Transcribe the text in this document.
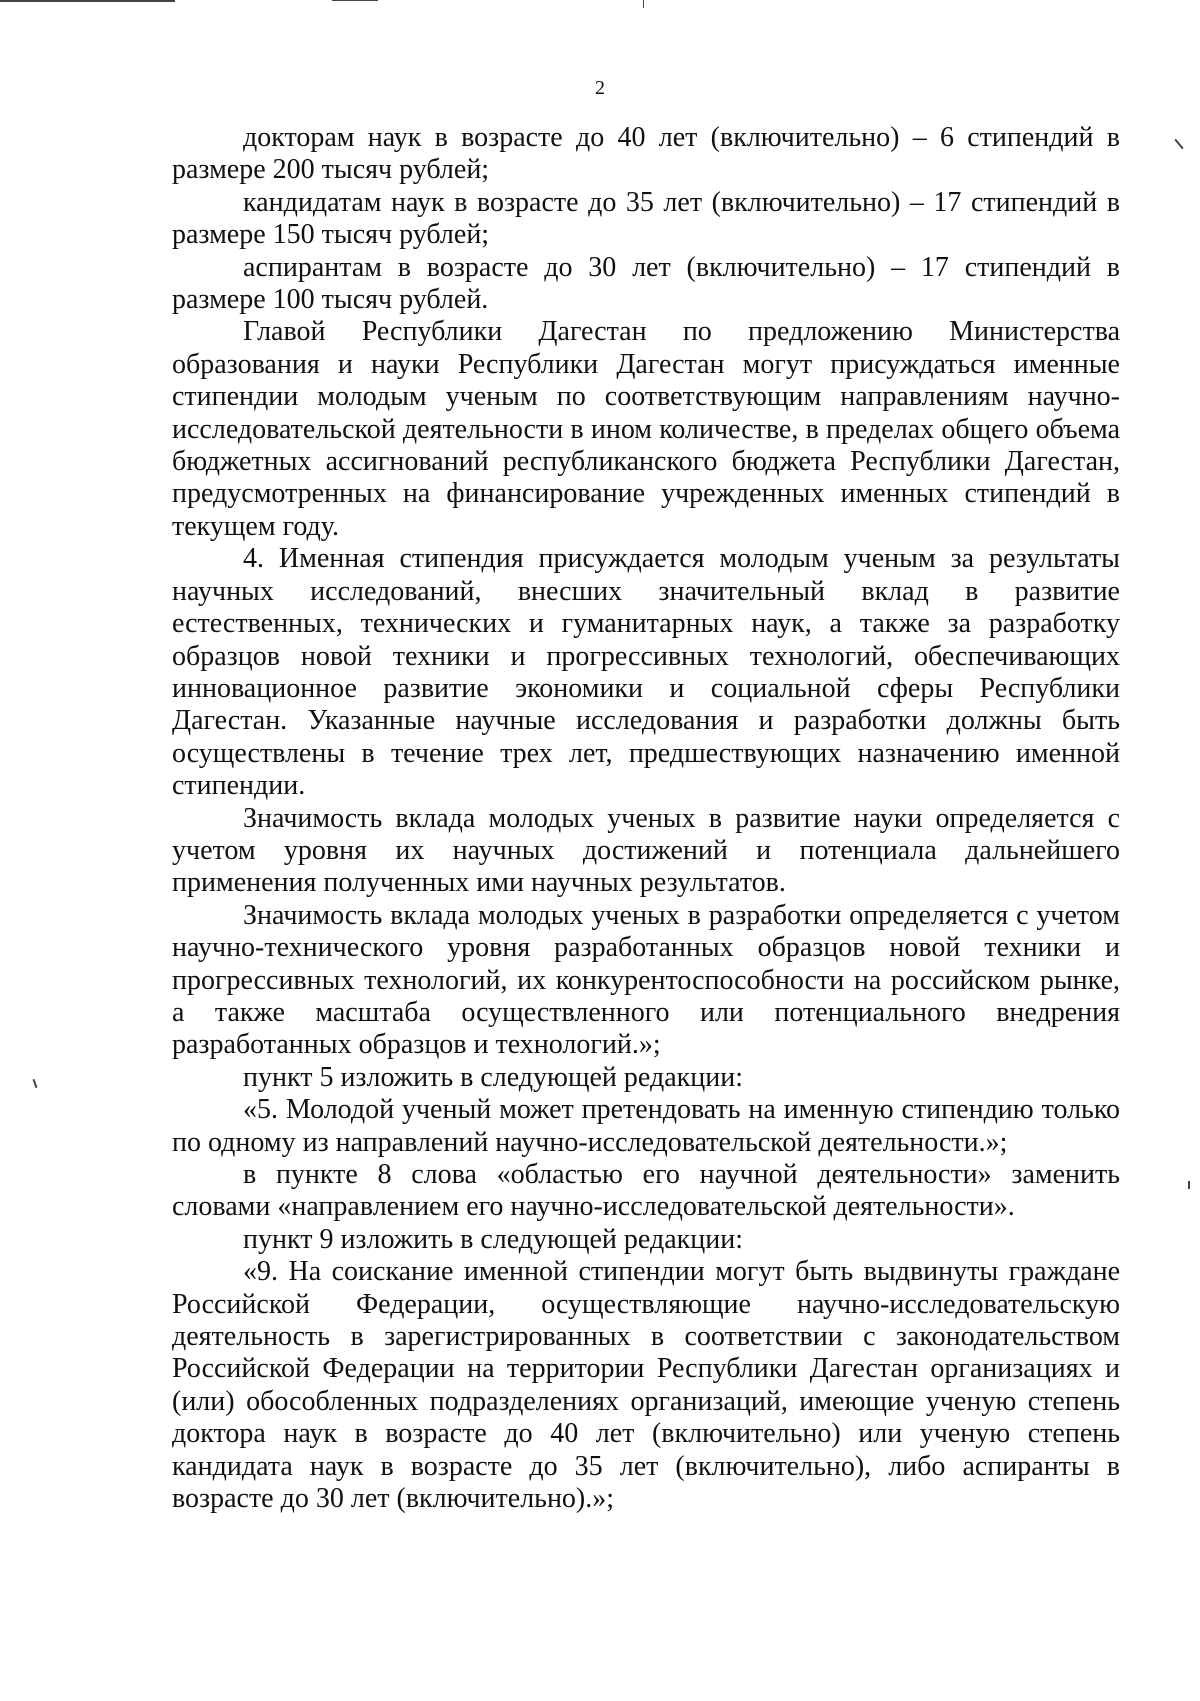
2

докторам наук в возрасте до 40 лет (включительно) – 6 стипендий в размере 200 тысяч рублей;

кандидатам наук в возрасте до 35 лет (включительно) – 17 стипендий в размере 150 тысяч рублей;

аспирантам в возрасте до 30 лет (включительно) – 17 стипендий в размере 100 тысяч рублей.

Главой Республики Дагестан по предложению Министерства образования и науки Республики Дагестан могут присуждаться именные стипендии молодым ученым по соответствующим направлениям научно-исследовательской деятельности в ином количестве, в пределах общего объема бюджетных ассигнований республиканского бюджета Республики Дагестан, предусмотренных на финансирование учрежденных именных стипендий в текущем году.

4. Именная стипендия присуждается молодым ученым за результаты научных исследований, внесших значительный вклад в развитие естественных, технических и гуманитарных наук, а также за разработку образцов новой техники и прогрессивных технологий, обеспечивающих инновационное развитие экономики и социальной сферы Республики Дагестан. Указанные научные исследования и разработки должны быть осуществлены в течение трех лет, предшествующих назначению именной стипендии.

Значимость вклада молодых ученых в развитие науки определяется с учетом уровня их научных достижений и потенциала дальнейшего применения полученных ими научных результатов.

Значимость вклада молодых ученых в разработки определяется с учетом научно-технического уровня разработанных образцов новой техники и прогрессивных технологий, их конкурентоспособности на российском рынке, а также масштаба осуществленного или потенциального внедрения разработанных образцов и технологий.»;

пункт 5 изложить в следующей редакции:

«5. Молодой ученый может претендовать на именную стипендию только по одному из направлений научно-исследовательской деятельности.»;

в пункте 8 слова «областью его научной деятельности» заменить словами «направлением его научно-исследовательской деятельности».

пункт 9 изложить в следующей редакции:

«9. На соискание именной стипендии могут быть выдвинуты граждане Российской Федерации, осуществляющие научно-исследовательскую деятельность в зарегистрированных в соответствии с законодательством Российской Федерации на территории Республики Дагестан организациях и (или) обособленных подразделениях организаций, имеющие ученую степень доктора наук в возрасте до 40 лет (включительно) или ученую степень кандидата наук в возрасте до 35 лет (включительно), либо аспиранты в возрасте до 30 лет (включительно).»;
